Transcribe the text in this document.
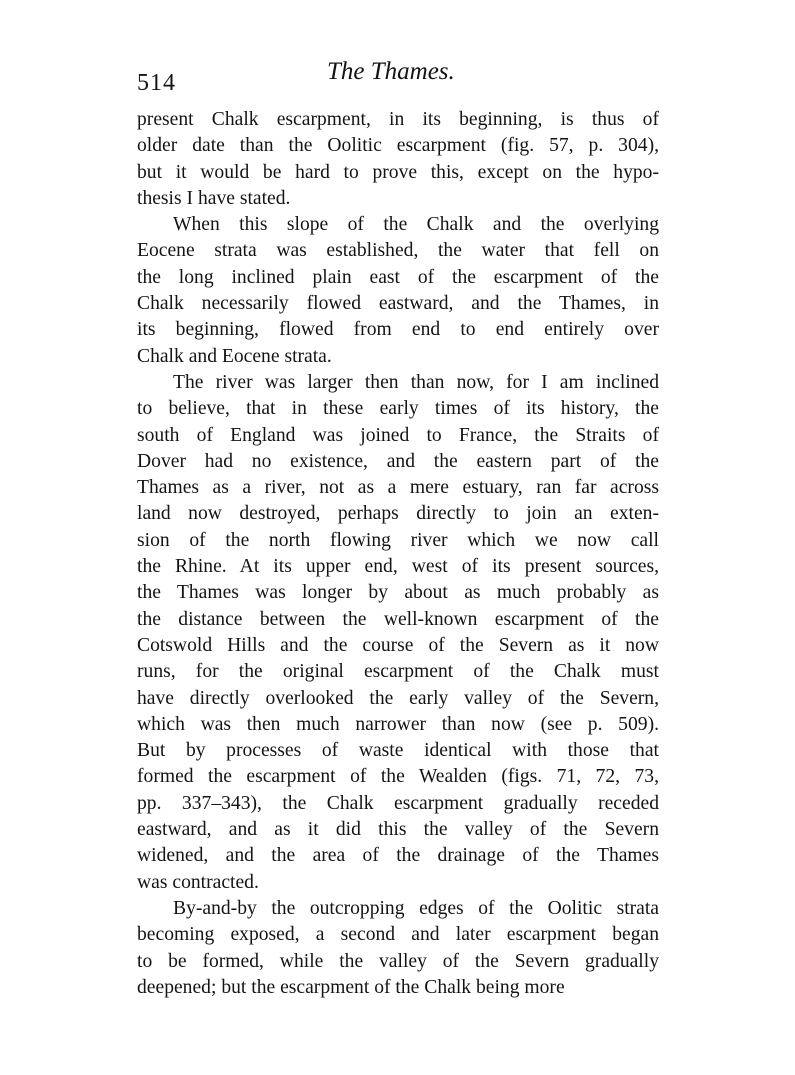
514	The Thames.
present Chalk escarpment, in its beginning, is thus of
older date than the Oolitic escarpment (fig. 57, p. 304),
but it would be hard to prove this, except on the hypo-
thesis I have stated.
When this slope of the Chalk and the overlying
Eocene strata was established, the water that fell on
the long inclined plain east of the escarpment of the
Chalk necessarily flowed eastward, and the Thames, in
its beginning, flowed from end to end entirely over
Chalk and Eocene strata.
The river was larger then than now, for I am inclined
to believe, that in these early times of its history, the
south of England was joined to France, the Straits of
Dover had no existence, and the eastern part of the
Thames as a river, not as a mere estuary, ran far across
land now destroyed, perhaps directly to join an exten-
sion of the north flowing river which we now call
the Rhine. At its upper end, west of its present sources,
the Thames was longer by about as much probably as
the distance between the well-known escarpment of the
Cotswold Hills and the course of the Severn as it now
runs, for the original escarpment of the Chalk must
have directly overlooked the early valley of the Severn,
which was then much narrower than now (see p. 509).
But by processes of waste identical with those that
formed the escarpment of the Wealden (figs. 71, 72, 73,
pp. 337–343), the Chalk escarpment gradually receded
eastward, and as it did this the valley of the Severn
widened, and the area of the drainage of the Thames
was contracted.
By-and-by the outcropping edges of the Oolitic strata
becoming exposed, a second and later escarpment began
to be formed, while the valley of the Severn gradually
deepened; but the escarpment of the Chalk being more
